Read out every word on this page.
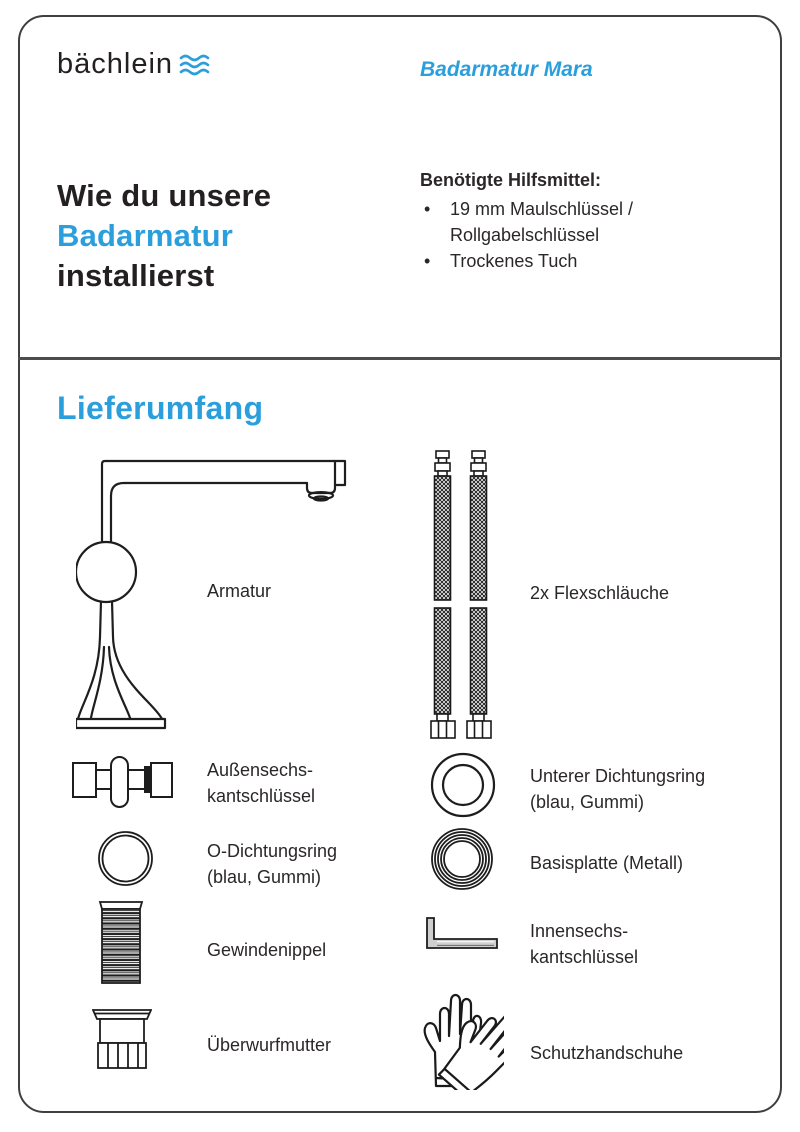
bächlein	Badarmatur Mara
Wie du unsere
Badarmatur
installierst
Benötigte Hilfsmittel:
•	19 mm Maulschlüssel /
Rollgabelschlüssel
•	Trockenes Tuch
Lieferumfang
Armatur	2x Flexschläuche
Außensechs-
kantschlüssel
Unterer Dichtungsring
(blau, Gummi)
O-Dichtungsring
(blau, Gummi)
Basisplatte (Metall)
Gewindenippel
Innensechs-
kantschlüssel
Überwurfmutter	Schutzhandschuhe
